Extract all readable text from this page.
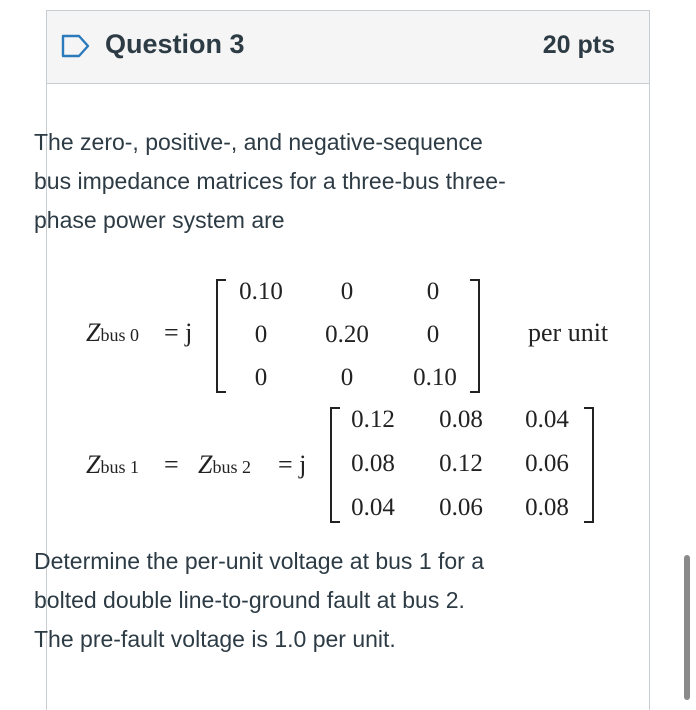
Question 3	20 pts
The zero-, positive-, and negative-sequence
bus impedance matrices for a three-bus three-
phase power system are
Zbus 0 = j
0.10	0	0
0	0.20	0
0	0	0.10
per unit
Zbus 1 = Zbus 2 = j
0.12	0.08	0.04
0.08	0.12	0.06
0.04	0.06	0.08
Determine the per-unit voltage at bus 1 for a
bolted double line-to-ground fault at bus 2.
The pre-fault voltage is 1.0 per unit.
